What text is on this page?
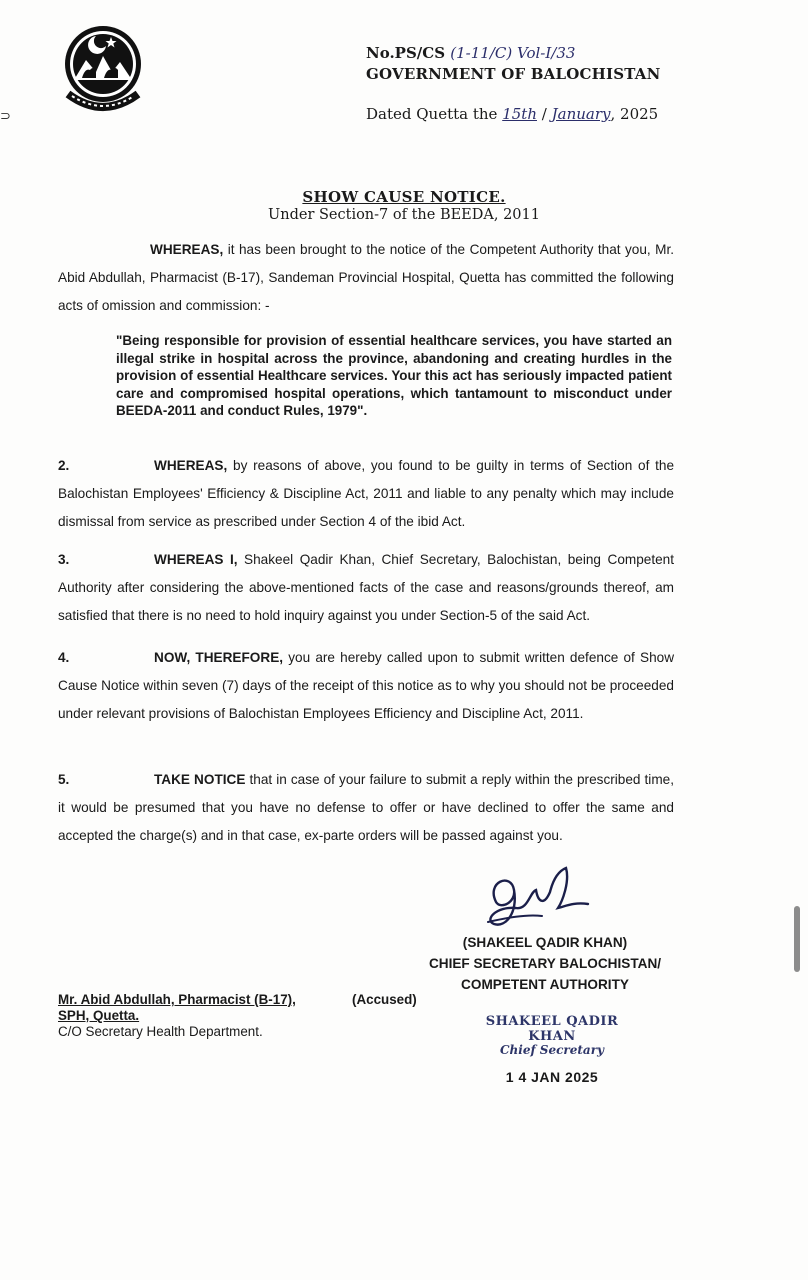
⊃
No.PS/CS (1-11/C) Vol-I/33
GOVERNMENT OF BALOCHISTAN
Dated Quetta the 15th / January, 2025
SHOW CAUSE NOTICE.
Under Section-7 of the BEEDA, 2011
WHEREAS, it has been brought to the notice of the Competent Authority that you, Mr. Abid Abdullah, Pharmacist (B-17), Sandeman Provincial Hospital, Quetta has committed the following acts of omission and commission: -
"Being responsible for provision of essential healthcare services, you have started an illegal strike in hospital across the province, abandoning and creating hurdles in the provision of essential Healthcare services. Your this act has seriously impacted patient care and compromised hospital operations, which tantamount to misconduct under BEEDA-2011 and conduct Rules, 1979".
2.	WHEREAS, by reasons of above, you found to be guilty in terms of Section of the Balochistan Employees' Efficiency & Discipline Act, 2011 and liable to any penalty which may include dismissal from service as prescribed under Section 4 of the ibid Act.
3.	WHEREAS I, Shakeel Qadir Khan, Chief Secretary, Balochistan, being Competent Authority after considering the above-mentioned facts of the case and reasons/grounds thereof, am satisfied that there is no need to hold inquiry against you under Section-5 of the said Act.
4.	NOW, THEREFORE, you are hereby called upon to submit written defence of Show Cause Notice within seven (7) days of the receipt of this notice as to why you should not be proceeded under relevant provisions of Balochistan Employees Efficiency and Discipline Act, 2011.
5.	TAKE NOTICE that in case of your failure to submit a reply within the prescribed time, it would be presumed that you have no defense to offer or have declined to offer the same and accepted the charge(s) and in that case, ex-parte orders will be passed against you.
(SHAKEEL QADIR KHAN)
CHIEF SECRETARY BALOCHISTAN/
COMPETENT AUTHORITY
Mr. Abid Abdullah, Pharmacist (B-17),
SPH, Quetta.
C/O Secretary Health Department.
(Accused)
SHAKEEL QADIR KHAN
Chief Secretary
1 4 JAN 2025
